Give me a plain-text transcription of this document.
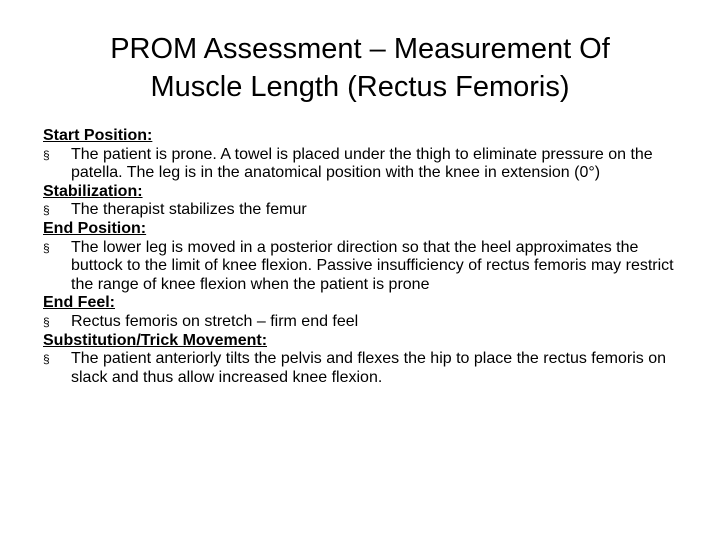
PROM Assessment – Measurement Of
Muscle Length (Rectus Femoris)

Start Position:

§	The patient is prone. A towel is placed under the thigh to eliminate pressure on the patella. The leg is in the anatomical position with the knee in extension (0°)

Stabilization:

§	The therapist stabilizes the femur

End Position:

§	The lower leg is moved in a posterior direction so that the heel approximates the buttock to the limit of knee flexion. Passive insufficiency of rectus femoris may restrict the range of knee flexion when the patient is prone

End Feel:

§	Rectus femoris on stretch – firm end feel

Substitution/Trick Movement:

§	The patient anteriorly tilts the pelvis and flexes the hip to place the rectus femoris on slack and thus allow increased knee flexion.
